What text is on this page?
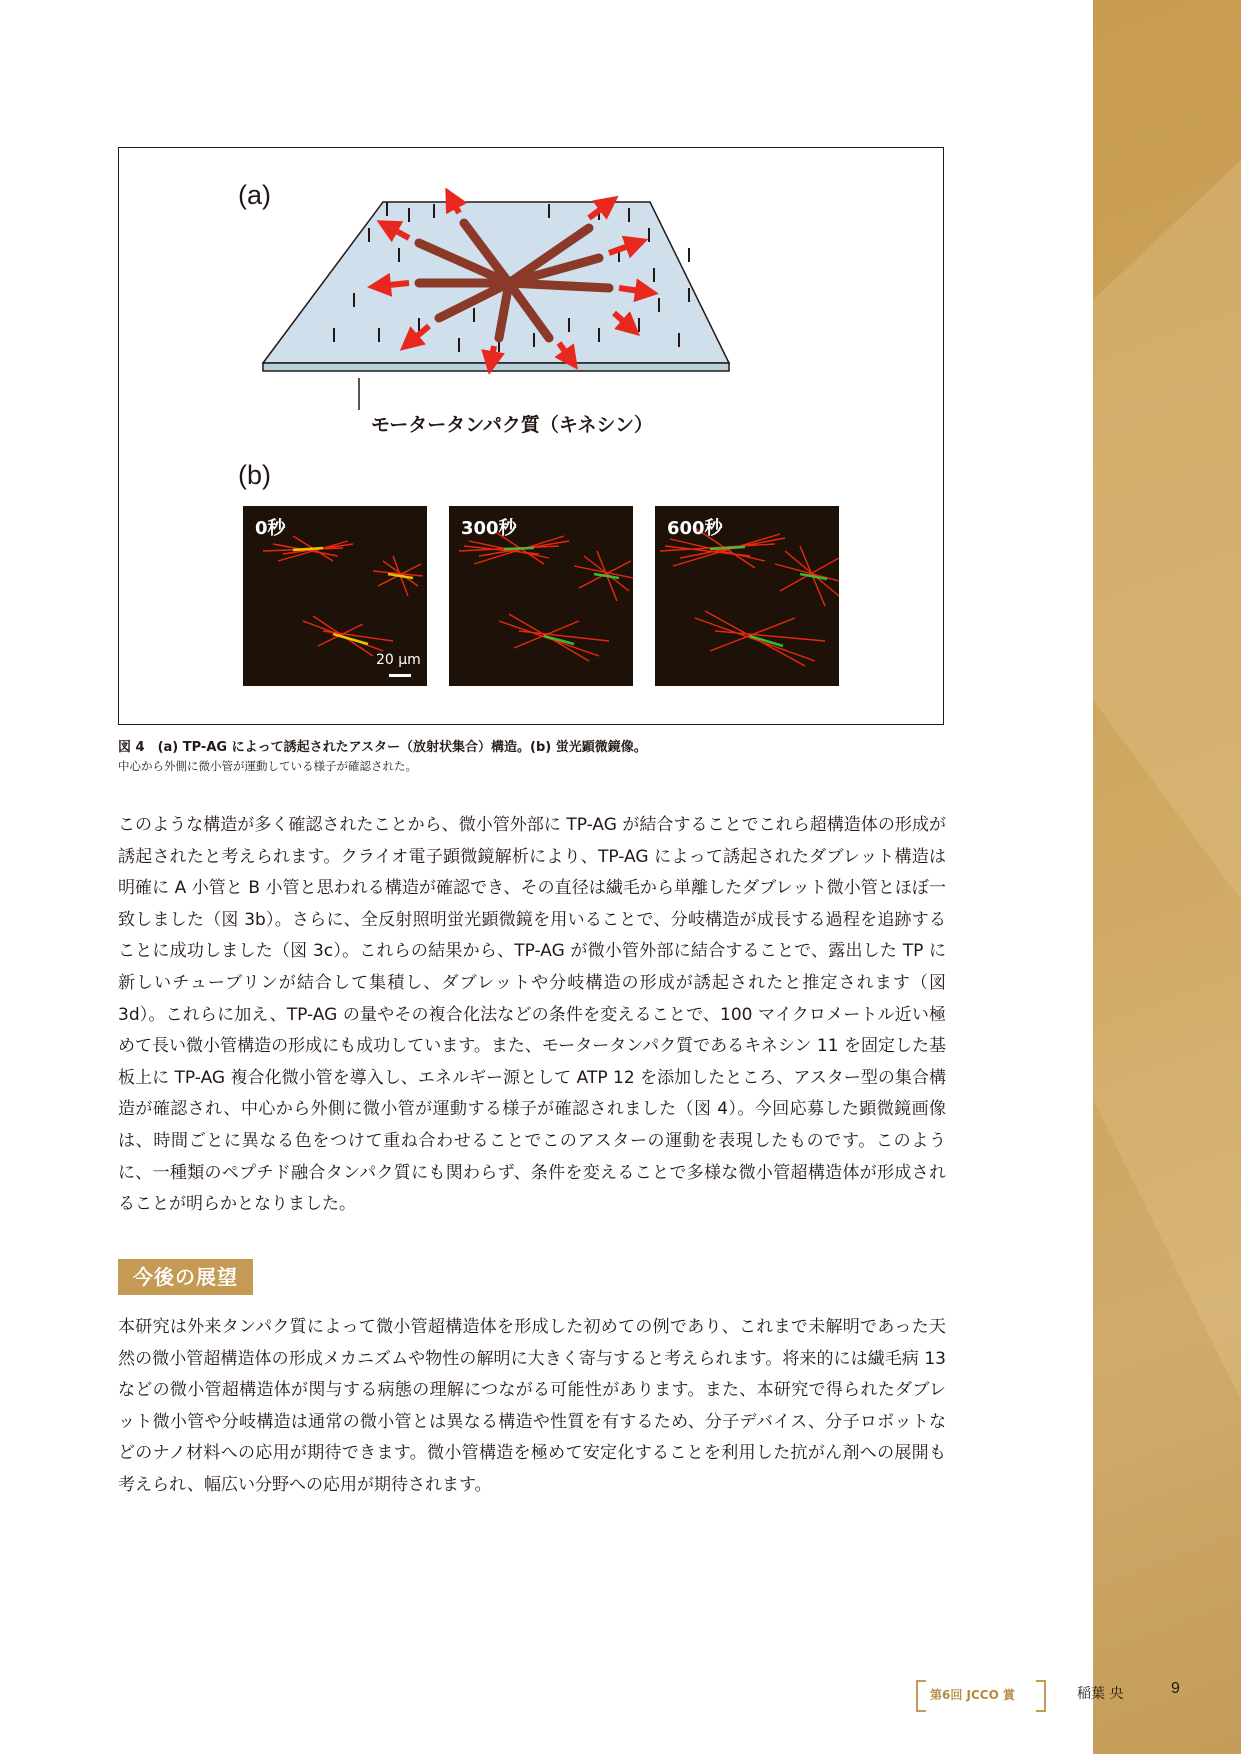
(a)
モータータンパク質（キネシン）
(b)
0秒
20 μm
300秒	600秒
図 4　(a) TP-AG によって誘起されたアスター（放射状集合）構造。(b) 蛍光顕微鏡像。
中心から外側に微小管が運動している様子が確認された。
このような構造が多く確認されたことから、微小管外部に TP-AG が結合することでこれら超構造体の形成が誘起されたと考えられます。クライオ電子顕微鏡解析により、TP-AG によって誘起されたダブレット構造は明確に A 小管と B 小管と思われる構造が確認でき、その直径は繊毛から単離したダブレット微小管とほぼ一致しました（図 3b）。さらに、全反射照明蛍光顕微鏡を用いることで、分岐構造が成長する過程を追跡することに成功しました（図 3c）。これらの結果から、TP-AG が微小管外部に結合することで、露出した TP に新しいチューブリンが結合して集積し、ダブレットや分岐構造の形成が誘起されたと推定されます（図 3d）。これらに加え、TP-AG の量やその複合化法などの条件を変えることで、100 マイクロメートル近い極めて長い微小管構造の形成にも成功しています。また、モータータンパク質であるキネシン 11 を固定した基板上に TP-AG 複合化微小管を導入し、エネルギー源として ATP 12 を添加したところ、アスター型の集合構造が確認され、中心から外側に微小管が運動する様子が確認されました（図 4）。今回応募した顕微鏡画像は、時間ごとに異なる色をつけて重ね合わせることでこのアスターの運動を表現したものです。このように、一種類のペプチド融合タンパク質にも関わらず、条件を変えることで多様な微小管超構造体が形成されることが明らかとなりました。
今後の展望
本研究は外来タンパク質によって微小管超構造体を形成した初めての例であり、これまで未解明であった天然の微小管超構造体の形成メカニズムや物性の解明に大きく寄与すると考えられます。将来的には繊毛病 13 などの微小管超構造体が関与する病態の理解につながる可能性があります。また、本研究で得られたダブレット微小管や分岐構造は通常の微小管とは異なる構造や性質を有するため、分子デバイス、分子ロボットなどのナノ材料への応用が期待できます。微小管構造を極めて安定化することを利用した抗がん剤への展開も考えられ、幅広い分野への応用が期待されます。
第6回 JCCO 賞	稲葉 央	9
